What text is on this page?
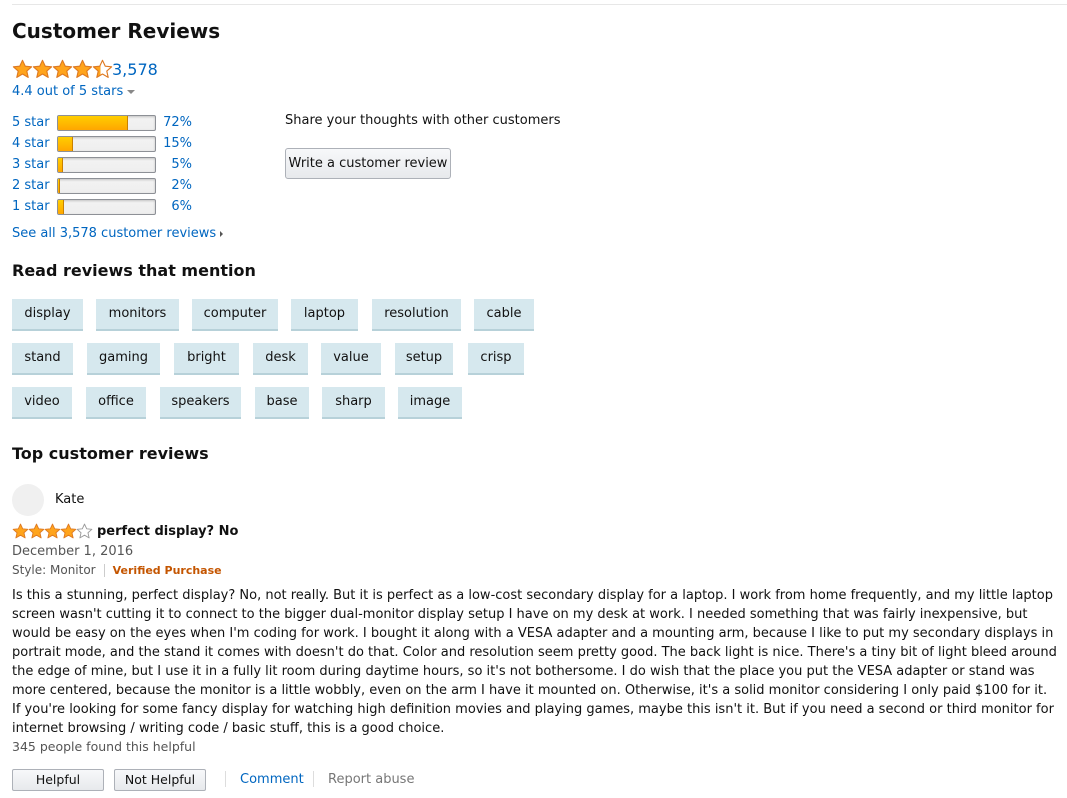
Customer Reviews
3,578
4.4 out of 5 stars
5 star	72%
4 star	15%
3 star	5%
2 star	2%
1 star	6%
Share your thoughts with other customers
Write a customer review
See all 3,578 customer reviews
Read reviews that mention
display	monitors	computer	laptop	resolution	cable
stand	gaming	bright	desk	value	setup	crisp
video	office	speakers	base	sharp	image
Top customer reviews
Kate
perfect display? No
December 1, 2016
Style: Monitor Verified Purchase
Is this a stunning, perfect display? No, not really. But it is perfect as a low-cost secondary display for a laptop. I work from home frequently, and my little laptop screen wasn't cutting it to connect to the bigger dual-monitor display setup I have on my desk at work. I needed something that was fairly inexpensive, but would be easy on the eyes when I'm coding for work. I bought it along with a VESA adapter and a mounting arm, because I like to put my secondary displays in portrait mode, and the stand it comes with doesn't do that. Color and resolution seem pretty good. The back light is nice. There's a tiny bit of light bleed around the edge of mine, but I use it in a fully lit room during daytime hours, so it's not bothersome. I do wish that the place you put the VESA adapter or stand was more centered, because the monitor is a little wobbly, even on the arm I have it mounted on. Otherwise, it's a solid monitor considering I only paid $100 for it. If you're looking for some fancy display for watching high definition movies and playing games, maybe this isn't it. But if you need a second or third monitor for internet browsing / writing code / basic stuff, this is a good choice.
345 people found this helpful
Helpful	Not Helpful	Comment Report abuse
